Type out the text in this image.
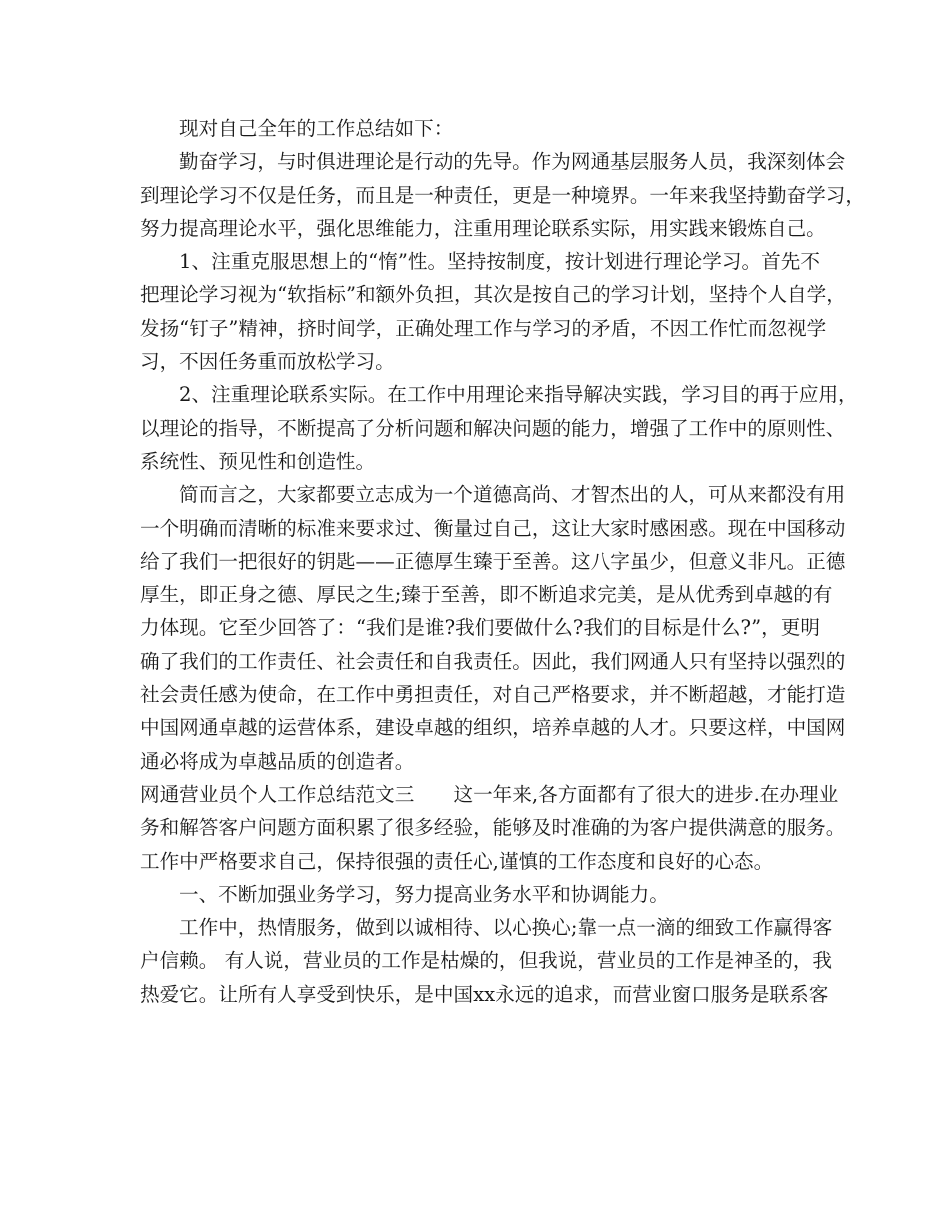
现对自己全年的工作总结如下：
勤奋学习，与时俱进理论是行动的先导。作为网通基层服务人员，我深刻体会
到理论学习不仅是任务，而且是一种责任，更是一种境界。一年来我坚持勤奋学习，
努力提高理论水平，强化思维能力，注重用理论联系实际，用实践来锻炼自己。
1、注重克服思想上的“惰”性。坚持按制度，按计划进行理论学习。首先不
把理论学习视为“软指标”和额外负担，其次是按自己的学习计划，坚持个人自学，
发扬“钉子”精神，挤时间学，正确处理工作与学习的矛盾，不因工作忙而忽视学
习，不因任务重而放松学习。
2、注重理论联系实际。在工作中用理论来指导解决实践，学习目的再于应用，
以理论的指导，不断提高了分析问题和解决问题的能力，增强了工作中的原则性、
系统性、预见性和创造性。
简而言之，大家都要立志成为一个道德高尚、才智杰出的人，可从来都没有用
一个明确而清晰的标准来要求过、衡量过自己，这让大家时感困惑。现在中国移动
给了我们一把很好的钥匙——正德厚生臻于至善。这八字虽少，但意义非凡。正德
厚生，即正身之德、厚民之生;臻于至善，即不断追求完美，是从优秀到卓越的有
力体现。它至少回答了：“我们是谁?我们要做什么?我们的目标是什么?”，更明
确了我们的工作责任、社会责任和自我责任。因此，我们网通人只有坚持以强烈的
社会责任感为使命，在工作中勇担责任，对自己严格要求，并不断超越，才能打造
中国网通卓越的运营体系，建设卓越的组织，培养卓越的人才。只要这样，中国网
通必将成为卓越品质的创造者。
网通营业员个人工作总结范文三　　这一年来,各方面都有了很大的进步.在办理业
务和解答客户问题方面积累了很多经验，能够及时准确的为客户提供满意的服务。
工作中严格要求自己，保持很强的责任心,谨慎的工作态度和良好的心态。
一、不断加强业务学习，努力提高业务水平和协调能力。
工作中，热情服务，做到以诚相待、以心换心;靠一点一滴的细致工作赢得客
户信赖。 有人说，营业员的工作是枯燥的，但我说，营业员的工作是神圣的，我
热爱它。让所有人享受到快乐，是中国xx永远的追求，而营业窗口服务是联系客
